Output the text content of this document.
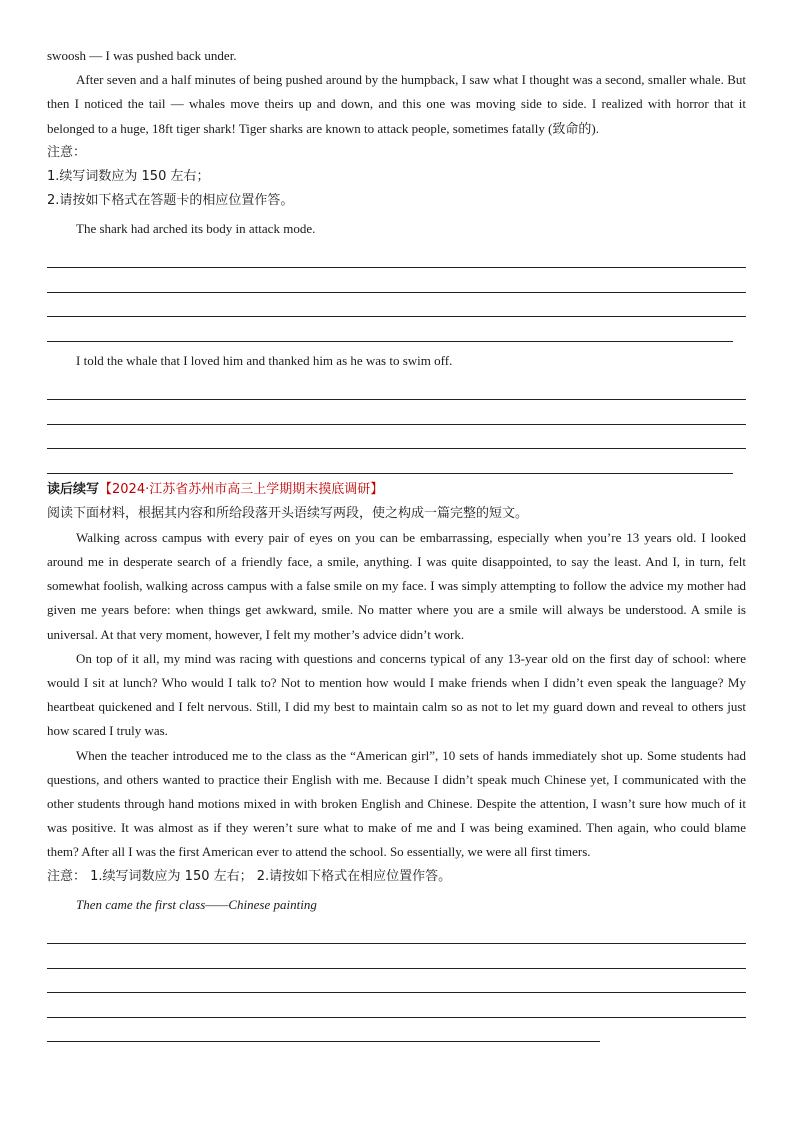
swoosh — I was pushed back under.

After seven and a half minutes of being pushed around by the humpback, I saw what I thought was a second, smaller whale. But then I noticed the tail — whales move theirs up and down, and this one was moving side to side. I realized with horror that it belonged to a huge, 18ft tiger shark! Tiger sharks are known to attack people, sometimes fatally (致命的).

注意：

1.续写词数应为 150 左右；

2.请按如下格式在答题卡的相应位置作答。

The shark had arched its body in attack mode.

I told the whale that I loved him and thanked him as he was to swim off.

读后续写【2024·江苏省苏州市高三上学期期末摸底调研】

阅读下面材料，根据其内容和所给段落开头语续写两段，使之构成一篇完整的短文。

Walking across campus with every pair of eyes on you can be embarrassing, especially when you’re 13 years old. I looked around me in desperate search of a friendly face, a smile, anything. I was quite disappointed, to say the least. And I, in turn, felt somewhat foolish, walking across campus with a false smile on my face. I was simply attempting to follow the advice my mother had given me years before: when things get awkward, smile. No matter where you are a smile will always be understood. A smile is universal. At that very moment, however, I felt my mother’s advice didn’t work.

On top of it all, my mind was racing with questions and concerns typical of any 13-year old on the first day of school: where would I sit at lunch? Who would I talk to? Not to mention how would I make friends when I didn’t even speak the language? My heartbeat quickened and I felt nervous. Still, I did my best to maintain calm so as not to let my guard down and reveal to others just how scared I truly was.

When the teacher introduced me to the class as the “American girl”, 10 sets of hands immediately shot up. Some students had questions, and others wanted to practice their English with me. Because I didn’t speak much Chinese yet, I communicated with the other students through hand motions mixed in with broken English and Chinese. Despite the attention, I wasn’t sure how much of it was positive. It was almost as if they weren’t sure what to make of me and I was being examined. Then again, who could blame them? After all I was the first American ever to attend the school. So essentially, we were all first timers.

注意： 1.续写词数应为 150 左右； 2.请按如下格式在相应位置作答。

Then came the first class——Chinese painting
